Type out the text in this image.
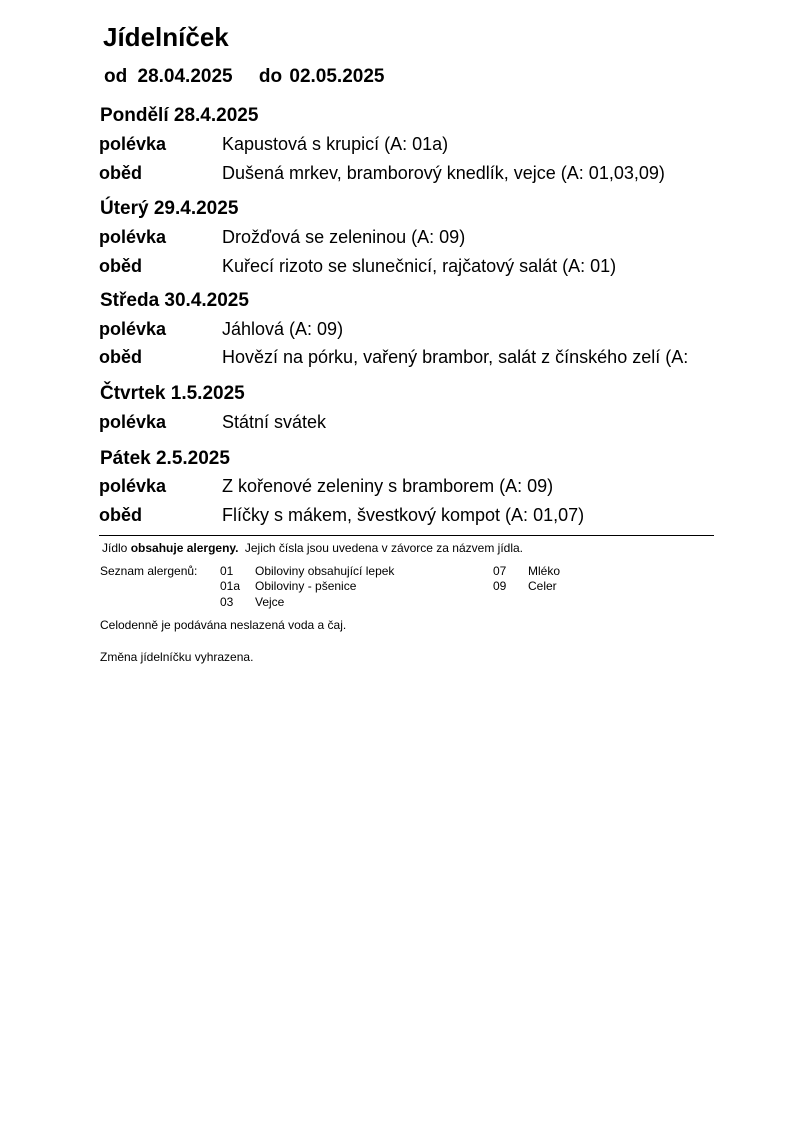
Jídelníček
od 28.04.2025 do 02.05.2025
Pondělí 28.4.2025
polévka	Kapustová s krupicí (A: 01a)
oběd	Dušená mrkev, bramborový knedlík, vejce (A: 01,03,09)
Úterý 29.4.2025
polévka	Drožďová se zeleninou (A: 09)
oběd	Kuřecí rizoto se slunečnicí, rajčatový salát (A: 01)
Středa 30.4.2025
polévka	Jáhlová (A: 09)
oběd	Hovězí na pórku, vařený brambor, salát z čínského zelí (A:
Čtvrtek 1.5.2025
polévka	Státní svátek
Pátek 2.5.2025
polévka	Z kořenové zeleniny s bramborem (A: 09)
oběd	Flíčky s mákem, švestkový kompot (A: 01,07)
Jídlo obsahuje alergeny. Jejich čísla jsou uvedena v závorce za názvem jídla.
Seznam alergenů: 01 Obiloviny obsahující lepek
01a Obiloviny - pšenice
03 Vejce
07 Mléko
09 Celer
Celodenně je podávána neslazená voda a čaj.
Změna jídelníčku vyhrazena.
